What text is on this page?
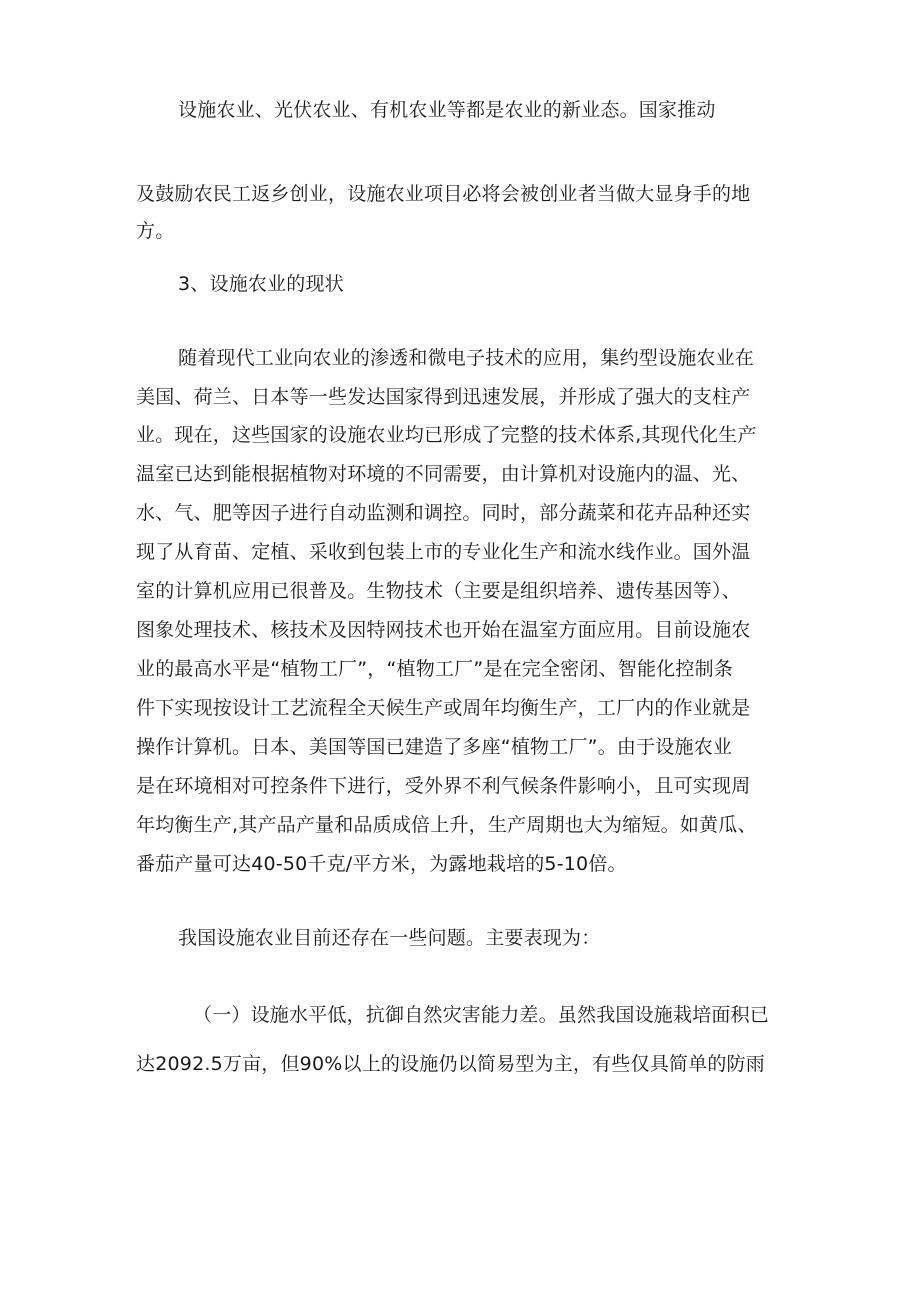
设施农业、光伏农业、有机农业等都是农业的新业态。国家推动
及鼓励农民工返乡创业，设施农业项目必将会被创业者当做大显身手的地
方。
3、设施农业的现状
随着现代工业向农业的渗透和微电子技术的应用，集约型设施农业在
美国、荷兰、日本等一些发达国家得到迅速发展，并形成了强大的支柱产
业。现在，这些国家的设施农业均已形成了完整的技术体系,其现代化生产
温室已达到能根据植物对环境的不同需要，由计算机对设施内的温、光、
水、气、肥等因子进行自动监测和调控。同时，部分蔬菜和花卉品种还实
现了从育苗、定植、采收到包装上市的专业化生产和流水线作业。国外温
室的计算机应用已很普及。生物技术（主要是组织培养、遗传基因等）、
图象处理技术、核技术及因特网技术也开始在温室方面应用。目前设施农
业的最高水平是“植物工厂”，“植物工厂”是在完全密闭、智能化控制条
件下实现按设计工艺流程全天候生产或周年均衡生产，工厂内的作业就是
操作计算机。日本、美国等国已建造了多座“植物工厂”。由于设施农业
是在环境相对可控条件下进行，受外界不利气候条件影响小，且可实现周
年均衡生产,其产品产量和品质成倍上升，生产周期也大为缩短。如黄瓜、
番茄产量可达40-50千克/平方米，为露地栽培的5-10倍。
我国设施农业目前还存在一些问题。主要表现为：
（一）设施水平低，抗御自然灾害能力差。虽然我国设施栽培面积已
达2092.5万亩，但90%以上的设施仍以简易型为主，有些仅具简单的防雨
